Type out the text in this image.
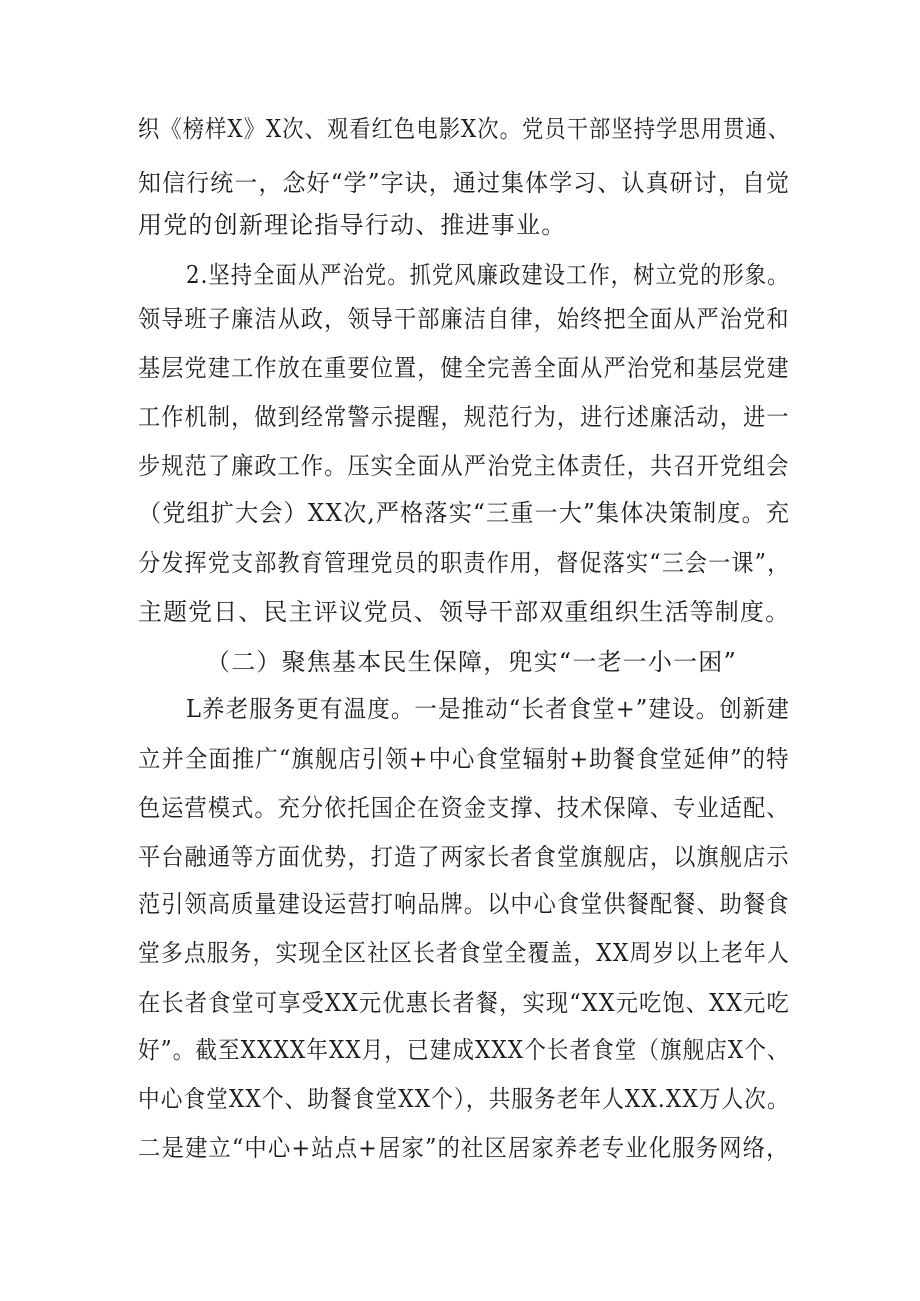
织《榜样X》X次、观看红色电影X次。党员干部坚持学思用贯通、
知信行统一，念好“学”字诀，通过集体学习、认真研讨，自觉
用党的创新理论指导行动、推进事业。
2.坚持全面从严治党。抓党风廉政建设工作，树立党的形象。
领导班子廉洁从政，领导干部廉洁自律，始终把全面从严治党和
基层党建工作放在重要位置，健全完善全面从严治党和基层党建
工作机制，做到经常警示提醒，规范行为，进行述廉活动，进一
步规范了廉政工作。压实全面从严治党主体责任，共召开党组会
（党组扩大会）XX次,严格落实“三重一大”集体决策制度。充
分发挥党支部教育管理党员的职责作用，督促落实“三会一课”，
主题党日、民主评议党员、领导干部双重组织生活等制度。
（二）聚焦基本民生保障，兜实“一老一小一困”
L养老服务更有温度。一是推动“长者食堂+”建设。创新建
立并全面推广“旗舰店引领+中心食堂辐射+助餐食堂延伸”的特
色运营模式。充分依托国企在资金支撑、技术保障、专业适配、
平台融通等方面优势，打造了两家长者食堂旗舰店，以旗舰店示
范引领高质量建设运营打响品牌。以中心食堂供餐配餐、助餐食
堂多点服务，实现全区社区长者食堂全覆盖，XX周岁以上老年人
在长者食堂可享受XX元优惠长者餐，实现“XX元吃饱、XX元吃
好”。截至XXXX年XX月，已建成XXX个长者食堂（旗舰店X个、
中心食堂XX个、助餐食堂XX个），共服务老年人XX.XX万人次。
二是建立“中心+站点+居家”的社区居家养老专业化服务网络，
